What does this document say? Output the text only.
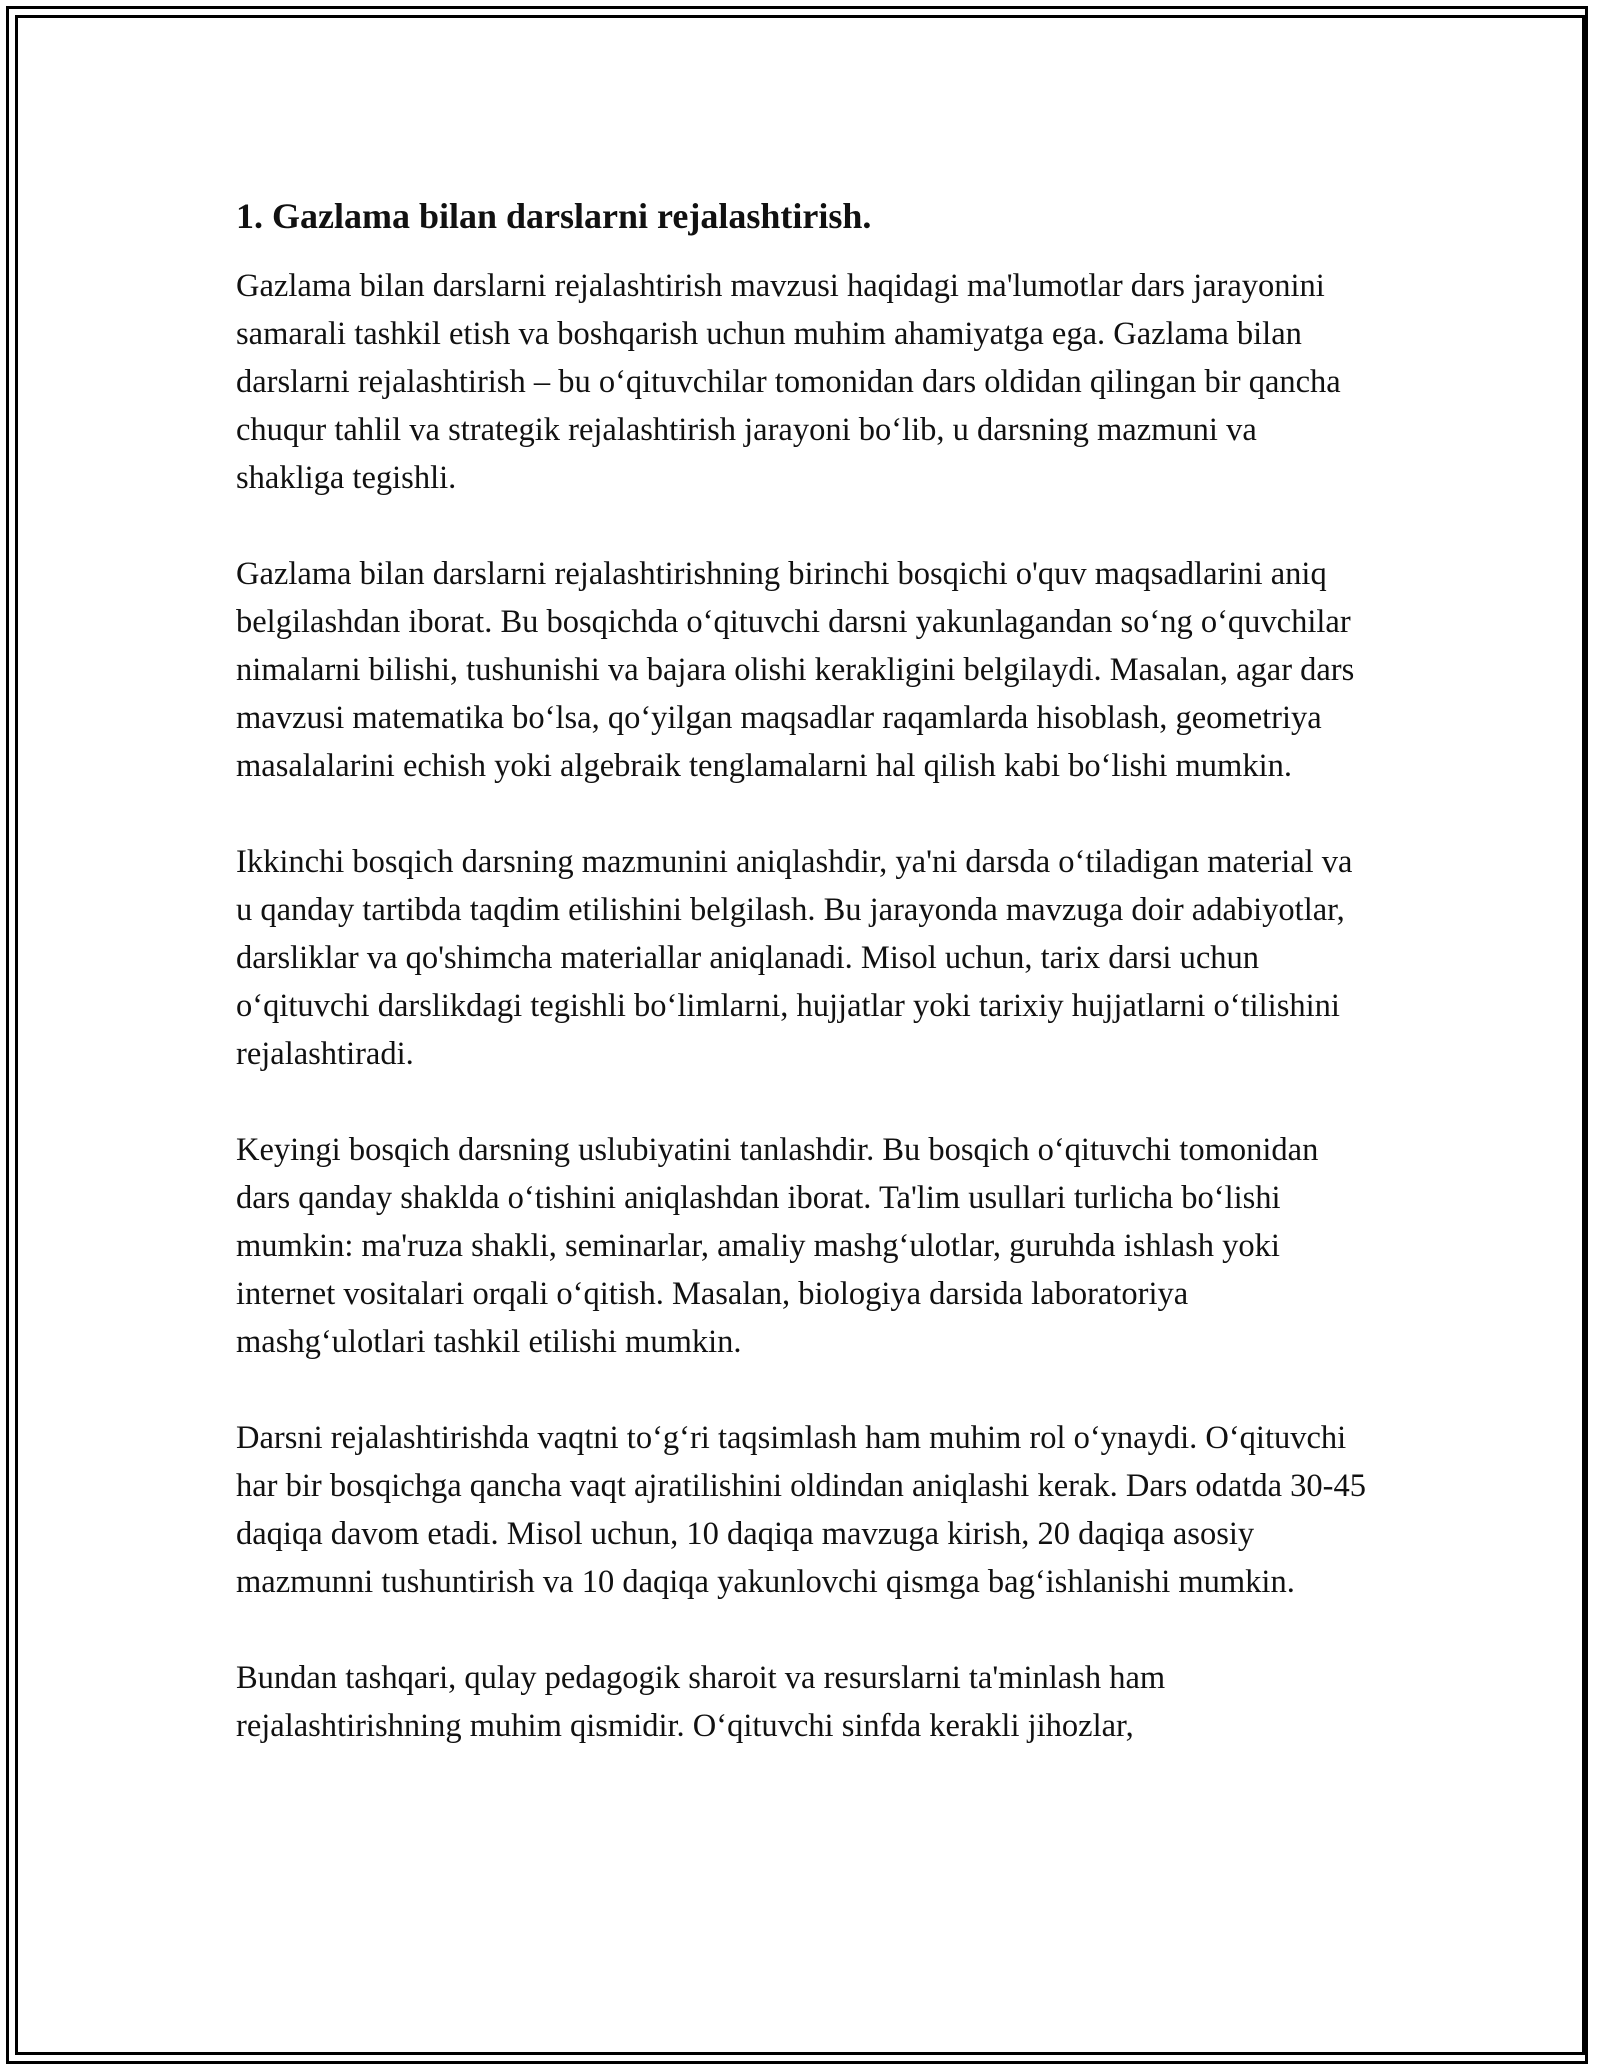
1. Gazlama bilan darslarni rejalashtirish.

Gazlama bilan darslarni rejalashtirish mavzusi haqidagi ma'lumotlar dars jarayonini samarali tashkil etish va boshqarish uchun muhim ahamiyatga ega. Gazlama bilan darslarni rejalashtirish – bu o‘qituvchilar tomonidan dars oldidan qilingan bir qancha chuqur tahlil va strategik rejalashtirish jarayoni bo‘lib, u darsning mazmuni va shakliga tegishli.

Gazlama bilan darslarni rejalashtirishning birinchi bosqichi o'quv maqsadlarini aniq belgilashdan iborat. Bu bosqichda o‘qituvchi darsni yakunlagandan so‘ng o‘quvchilar nimalarni bilishi, tushunishi va bajara olishi kerakligini belgilaydi. Masalan, agar dars mavzusi matematika bo‘lsa, qo‘yilgan maqsadlar raqamlarda hisoblash, geometriya masalalarini echish yoki algebraik tenglamalarni hal qilish kabi bo‘lishi mumkin.

Ikkinchi bosqich darsning mazmunini aniqlashdir, ya'ni darsda o‘tiladigan material va u qanday tartibda taqdim etilishini belgilash. Bu jarayonda mavzuga doir adabiyotlar, darsliklar va qo'shimcha materiallar aniqlanadi. Misol uchun, tarix darsi uchun o‘qituvchi darslikdagi tegishli bo‘limlarni, hujjatlar yoki tarixiy hujjatlarni o‘tilishini rejalashtiradi.

Keyingi bosqich darsning uslubiyatini tanlashdir. Bu bosqich o‘qituvchi tomonidan dars qanday shaklda o‘tishini aniqlashdan iborat. Ta'lim usullari turlicha bo‘lishi mumkin: ma'ruza shakli, seminarlar, amaliy mashg‘ulotlar, guruhda ishlash yoki internet vositalari orqali o‘qitish. Masalan, biologiya darsida laboratoriya mashg‘ulotlari tashkil etilishi mumkin.

Darsni rejalashtirishda vaqtni to‘g‘ri taqsimlash ham muhim rol o‘ynaydi. O‘qituvchi har bir bosqichga qancha vaqt ajratilishini oldindan aniqlashi kerak. Dars odatda 30-45 daqiqa davom etadi. Misol uchun, 10 daqiqa mavzuga kirish, 20 daqiqa asosiy mazmunni tushuntirish va 10 daqiqa yakunlovchi qismga bag‘ishlanishi mumkin.

Bundan tashqari, qulay pedagogik sharoit va resurslarni ta'minlash ham rejalashtirishning muhim qismidir. O‘qituvchi sinfda kerakli jihozlar,
